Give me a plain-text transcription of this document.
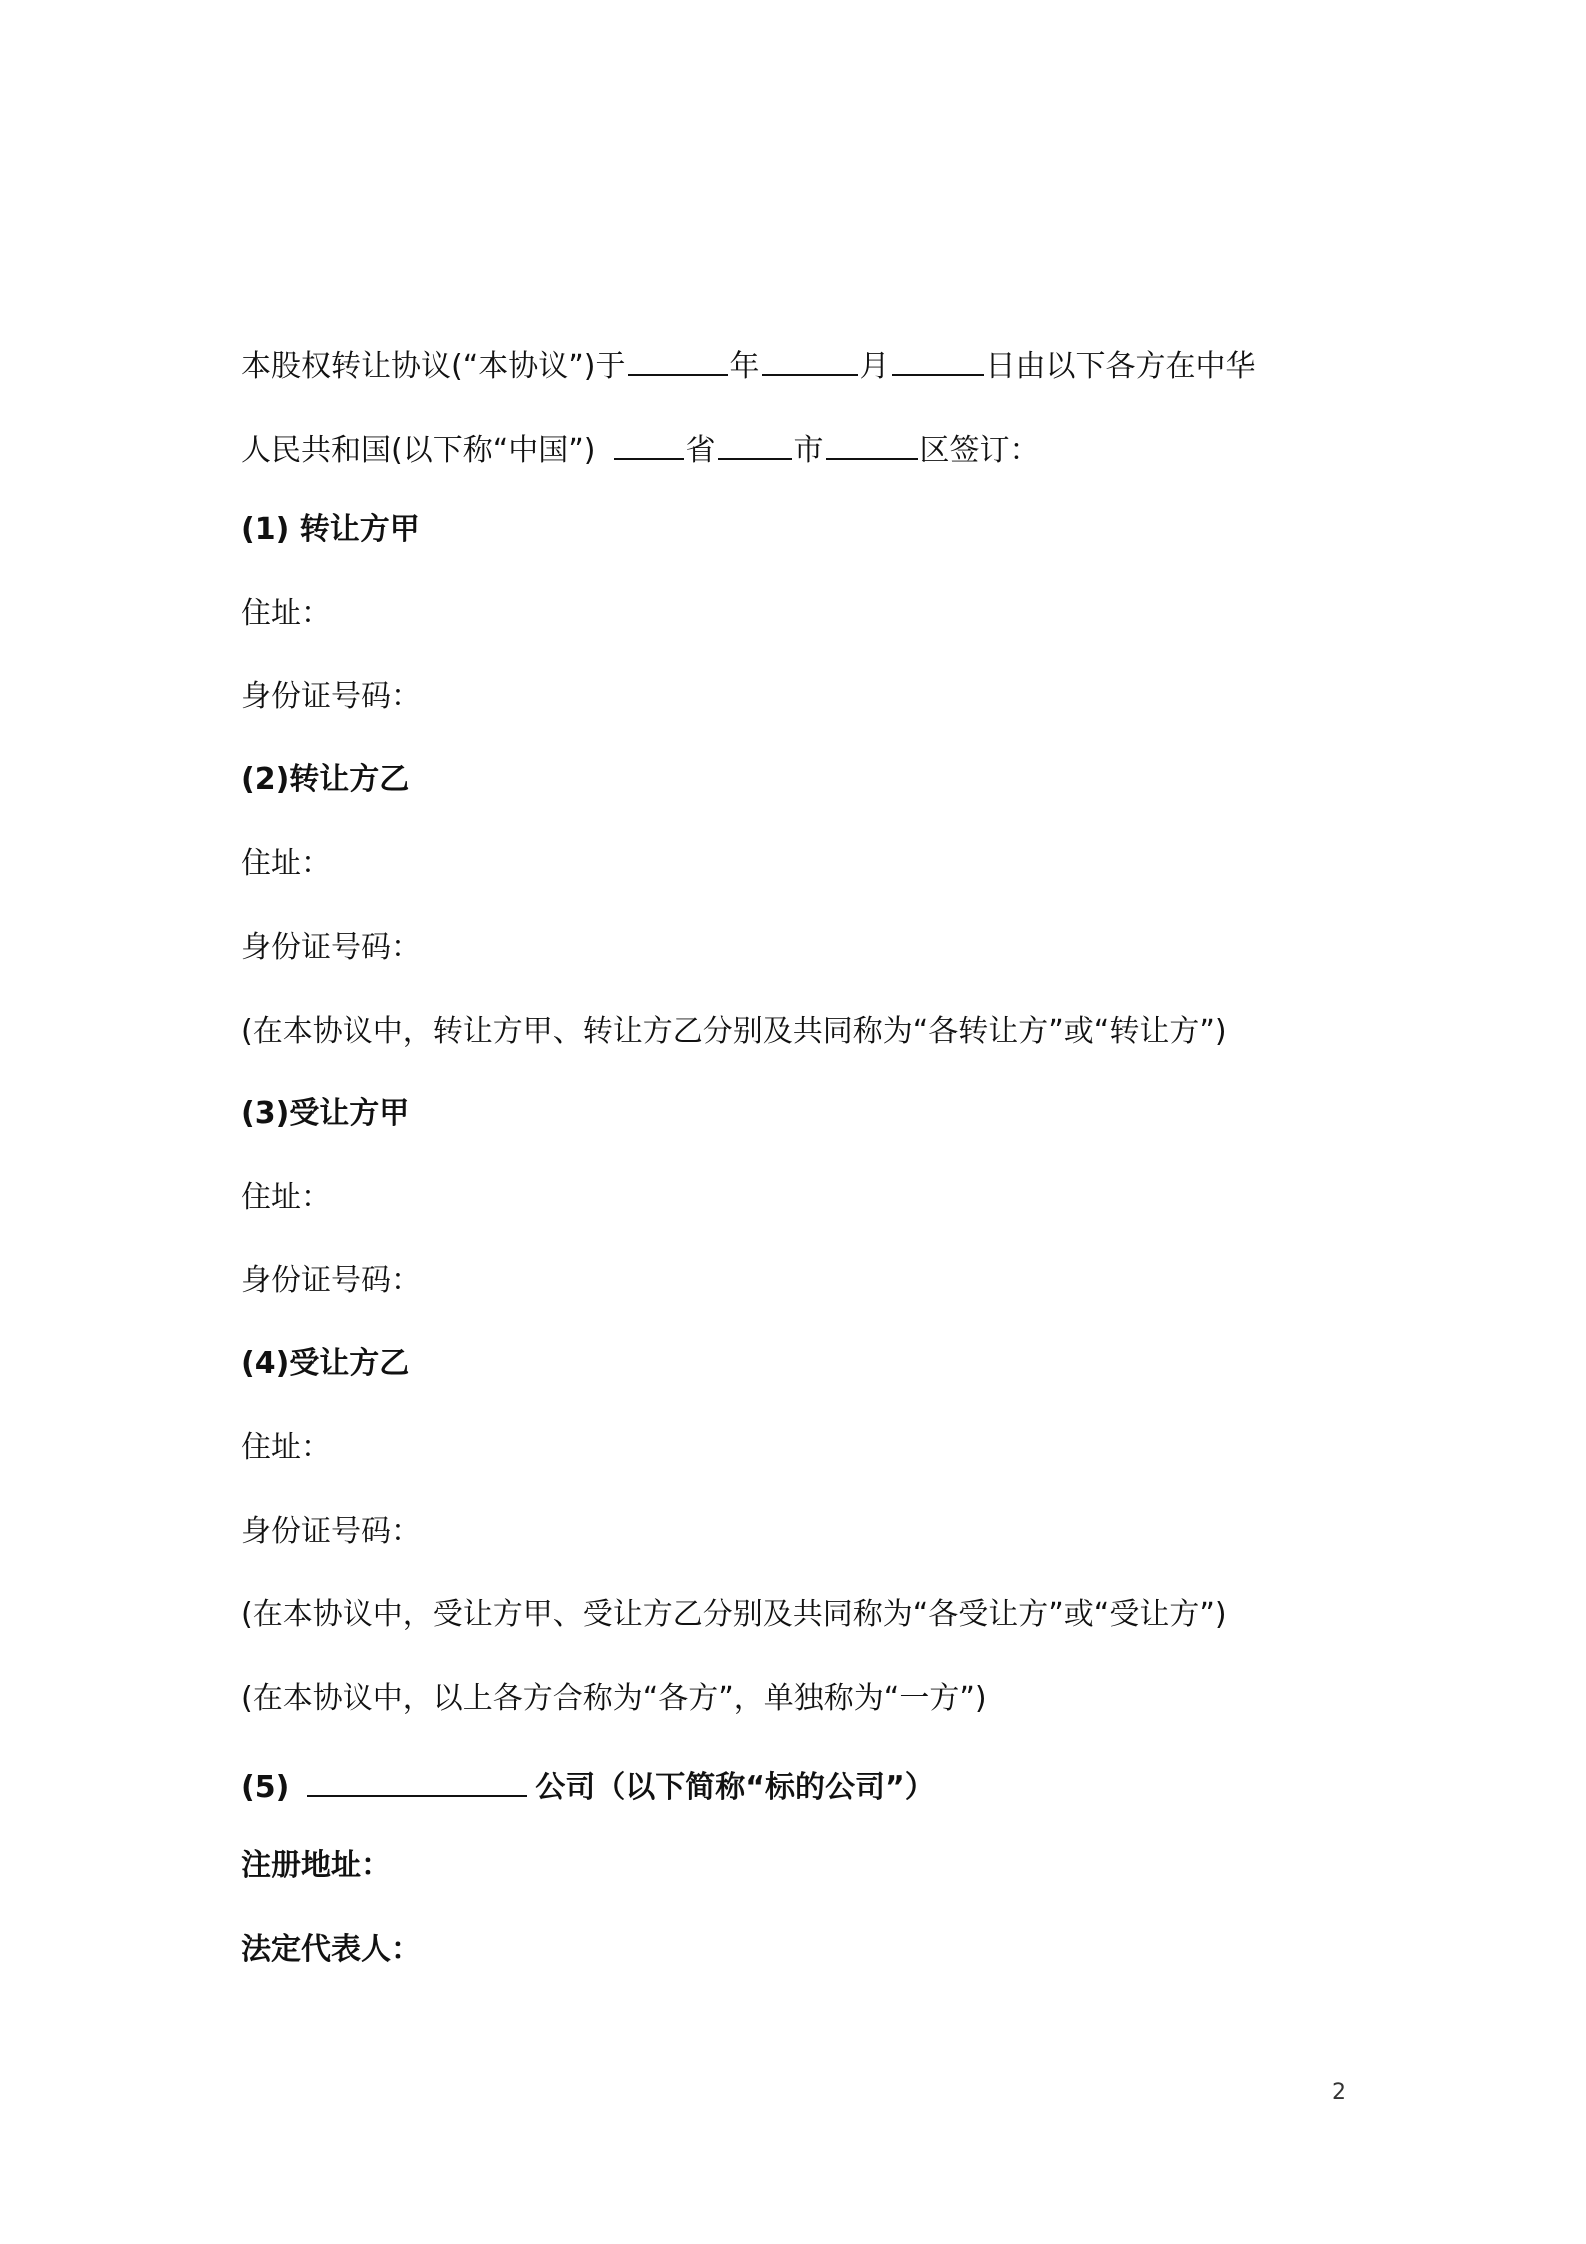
本股权转让协议(“本协议”)于	年	月	日由以下各方在中华
人民共和国(以下称“中国”)	省	市	区签订：
(1) 转让方甲
住址：
身份证号码：
(2)转让方乙
住址：
身份证号码：
(在本协议中，转让方甲、转让方乙分别及共同称为“各转让方”或“转让方”)
(3)受让方甲
住址：
身份证号码：
(4)受让方乙
住址：
身份证号码：
(在本协议中，受让方甲、受让方乙分别及共同称为“各受让方”或“受让方”)
(在本协议中，以上各方合称为“各方”，单独称为“一方”)
(5)	公司（以下简称“标的公司”）
注册地址：
法定代表人：
2
